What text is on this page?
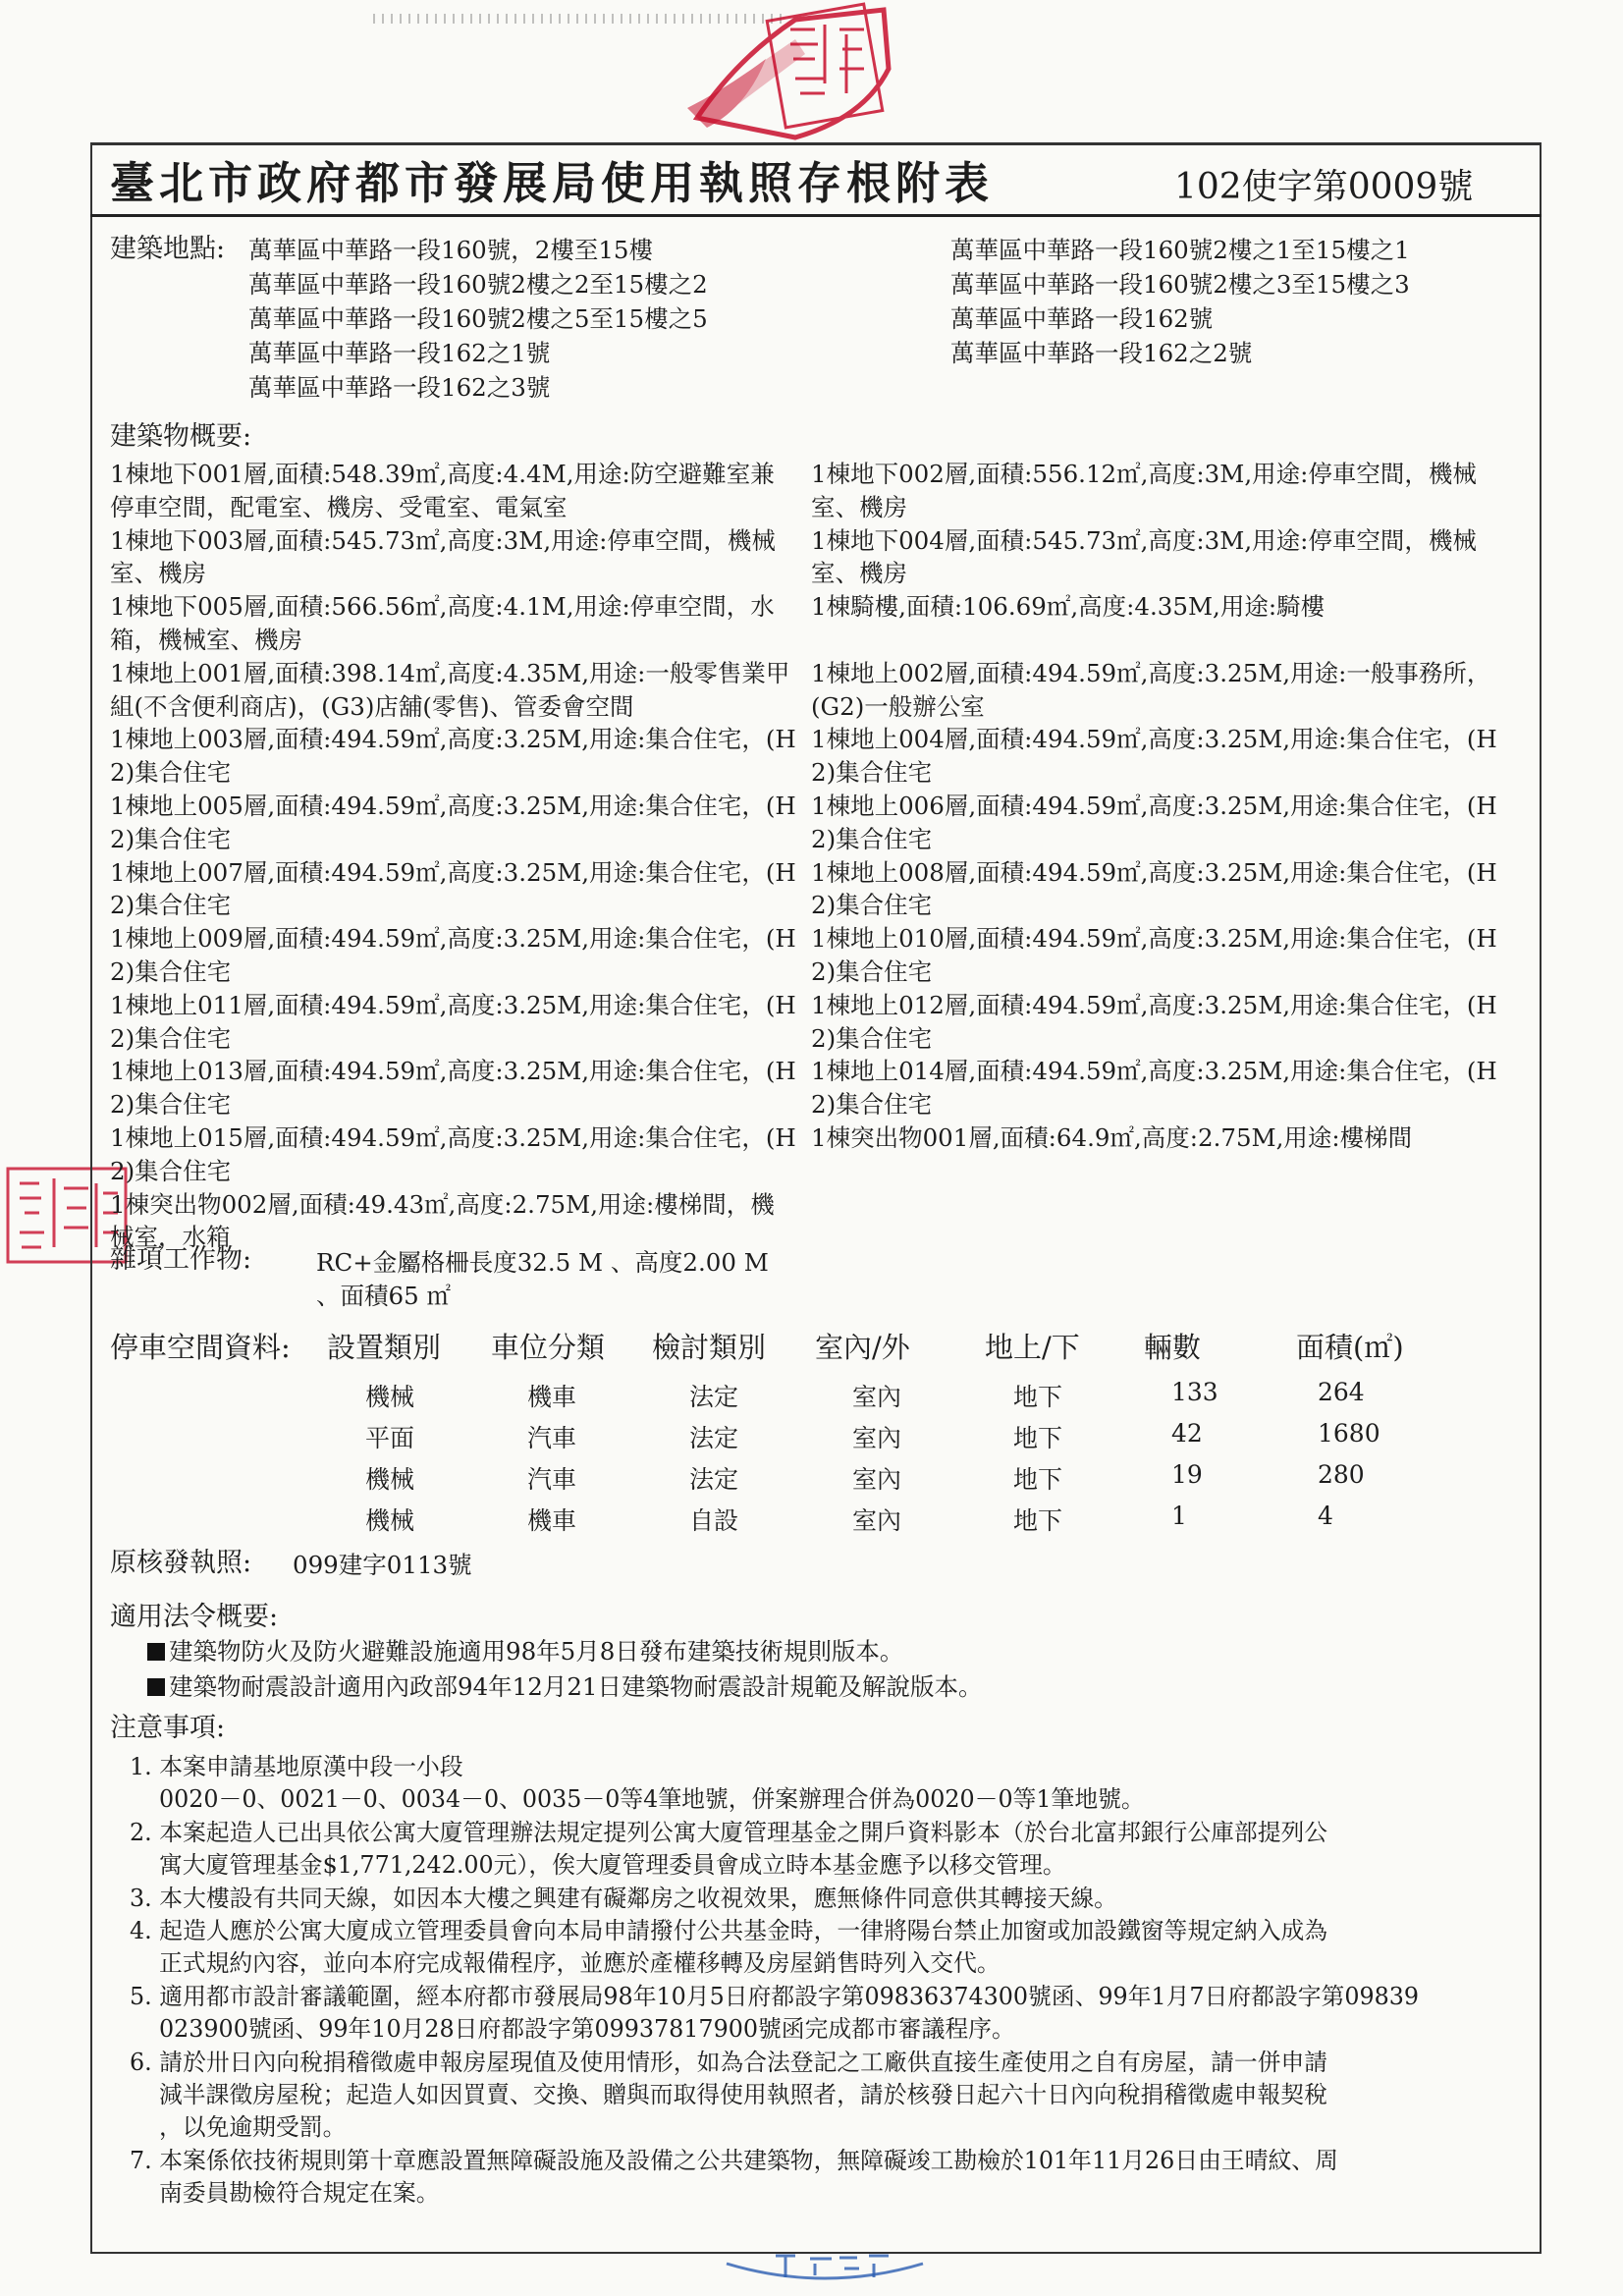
臺北市政府都市發展局使用執照存根附表	102使字第0009號
建築地點: 萬華區中華路一段160號，2樓至15樓
萬華區中華路一段160號2樓之2至15樓之2
萬華區中華路一段160號2樓之5至15樓之5
萬華區中華路一段162之1號
萬華區中華路一段162之3號
萬華區中華路一段160號2樓之1至15樓之1
萬華區中華路一段160號2樓之3至15樓之3
萬華區中華路一段162號
萬華區中華路一段162之2號
建築物概要:
1棟地下001層,面積:548.39㎡,高度:4.4M,用途:防空避難室兼
停車空間，配電室、機房、受電室、電氣室
1棟地下003層,面積:545.73㎡,高度:3M,用途:停車空間，機械
室、機房
1棟地下005層,面積:566.56㎡,高度:4.1M,用途:停車空間，水
箱，機械室、機房
1棟地上001層,面積:398.14㎡,高度:4.35M,用途:一般零售業甲
組(不含便利商店)，(G3)店舖(零售)、管委會空間
1棟地上003層,面積:494.59㎡,高度:3.25M,用途:集合住宅，(H
2)集合住宅
1棟地上005層,面積:494.59㎡,高度:3.25M,用途:集合住宅，(H
2)集合住宅
1棟地上007層,面積:494.59㎡,高度:3.25M,用途:集合住宅，(H
2)集合住宅
1棟地上009層,面積:494.59㎡,高度:3.25M,用途:集合住宅，(H
2)集合住宅
1棟地上011層,面積:494.59㎡,高度:3.25M,用途:集合住宅，(H
2)集合住宅
1棟地上013層,面積:494.59㎡,高度:3.25M,用途:集合住宅，(H
2)集合住宅
1棟地上015層,面積:494.59㎡,高度:3.25M,用途:集合住宅，(H
2)集合住宅
1棟突出物002層,面積:49.43㎡,高度:2.75M,用途:樓梯間，機
械室，水箱
1棟地下002層,面積:556.12㎡,高度:3M,用途:停車空間，機械
室、機房
1棟地下004層,面積:545.73㎡,高度:3M,用途:停車空間，機械
室、機房
1棟騎樓,面積:106.69㎡,高度:4.35M,用途:騎樓
1棟地上002層,面積:494.59㎡,高度:3.25M,用途:一般事務所，
(G2)一般辦公室
1棟地上004層,面積:494.59㎡,高度:3.25M,用途:集合住宅，(H
2)集合住宅
1棟地上006層,面積:494.59㎡,高度:3.25M,用途:集合住宅，(H
2)集合住宅
1棟地上008層,面積:494.59㎡,高度:3.25M,用途:集合住宅，(H
2)集合住宅
1棟地上010層,面積:494.59㎡,高度:3.25M,用途:集合住宅，(H
2)集合住宅
1棟地上012層,面積:494.59㎡,高度:3.25M,用途:集合住宅，(H
2)集合住宅
1棟地上014層,面積:494.59㎡,高度:3.25M,用途:集合住宅，(H
2)集合住宅
1棟突出物001層,面積:64.9㎡,高度:2.75M,用途:樓梯間
雜項工作物:	RC+金屬格柵長度32.5 M 、高度2.00 M
、面積65 ㎡
停車空間資料: 設置類別 車位分類 檢討類別 室內/外	地上/下 輛數	面積(㎡)
機械	機車	法定	室內	地下	133	264
平面	汽車	法定	室內	地下	42	1680
機械	汽車	法定	室內	地下	19	280
機械	機車	自設	室內	地下	1	4
原核發執照: 099建字0113號
適用法令概要:
建築物防火及防火避難設施適用98年5月8日發布建築技術規則版本。
建築物耐震設計適用內政部94年12月21日建築物耐震設計規範及解說版本。
注意事項:
1. 本案申請基地原漢中段一小段
0020－0、0021－0、0034－0、0035－0等4筆地號，併案辦理合併為0020－0等1筆地號。
2. 本案起造人已出具依公寓大廈管理辦法規定提列公寓大廈管理基金之開戶資料影本（於台北富邦銀行公庫部提列公
寓大廈管理基金$1,771,242.00元），俟大廈管理委員會成立時本基金應予以移交管理。
3. 本大樓設有共同天線，如因本大樓之興建有礙鄰房之收視效果，應無條件同意供其轉接天線。
4. 起造人應於公寓大廈成立管理委員會向本局申請撥付公共基金時，一律將陽台禁止加窗或加設鐵窗等規定納入成為
正式規約內容，並向本府完成報備程序，並應於產權移轉及房屋銷售時列入交代。
5. 適用都市設計審議範圍，經本府都市發展局98年10月5日府都設字第09836374300號函、99年1月7日府都設字第09839
023900號函、99年10月28日府都設字第09937817900號函完成都市審議程序。
6. 請於卅日內向稅捐稽徵處申報房屋現值及使用情形，如為合法登記之工廠供直接生產使用之自有房屋，請一併申請
減半課徵房屋稅；起造人如因買賣、交換、贈與而取得使用執照者，請於核發日起六十日內向稅捐稽徵處申報契稅
，以免逾期受罰。
7. 本案係依技術規則第十章應設置無障礙設施及設備之公共建築物，無障礙竣工勘檢於101年11月26日由王晴紋、周
南委員勘檢符合規定在案。
